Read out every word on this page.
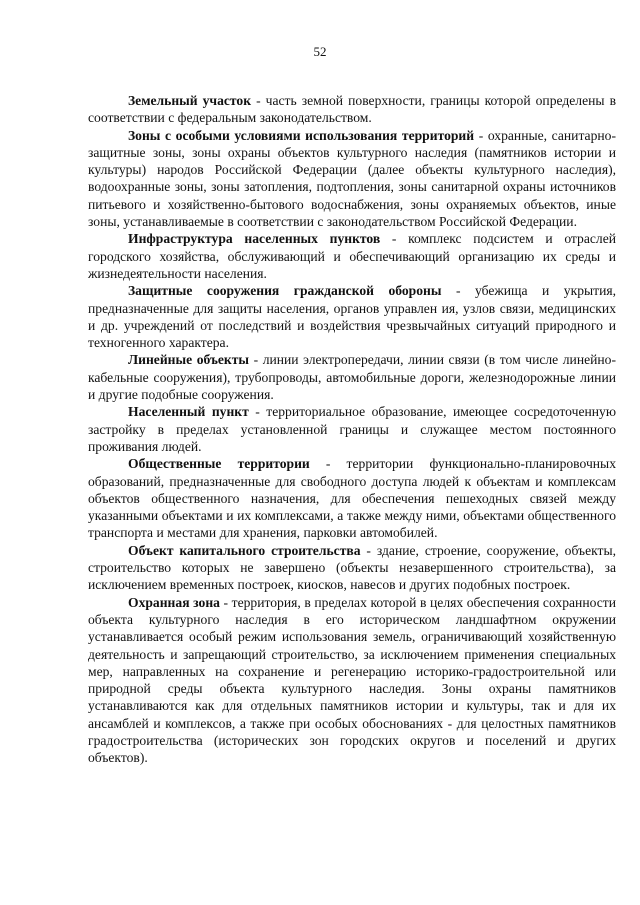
52

Земельный участок - часть земной поверхности, границы которой определены в соответствии с федеральным законодательством.

Зоны с особыми условиями использования территорий - охранные, санитарно-защитные зоны, зоны охраны объектов культурного наследия (памятников истории и культуры) народов Российской Федерации (далее объекты культурного наследия), водоохранные зоны, зоны затопления, подтопления, зоны санитарной охраны источников питьевого и хозяйственно-бытового водоснабжения, зоны охраняемых объектов, иные зоны, устанавливаемые в соответствии с законодательством Российской Федерации.

Инфраструктура населенных пунктов - комплекс подсистем и отраслей городского хозяйства, обслуживающий и обеспечивающий организацию их среды и жизнедеятельности населения.

Защитные сооружения гражданской обороны - убежища и укрытия, предназначенные для защиты населения, органов управлен ия, узлов связи, медицинских и др. учреждений от последствий и воздействия чрезвычайных ситуаций природного и техногенного характера.

Линейные объекты - линии электропередачи, линии связи (в том числе линейно-кабельные сооружения), трубопроводы, автомобильные дороги, железнодорожные линии и другие подобные сооружения.

Населенный пункт - территориальное образование, имеющее сосредоточенную застройку в пределах установленной границы и служащее местом постоянного проживания людей.

Общественные территории - территории функционально-планировочных образований, предназначенные для свободного доступа людей к объектам и комплексам объектов общественного назначения, для обеспечения пешеходных связей между указанными объектами и их комплексами, а также между ними, объектами общественного транспорта и местами для хранения, парковки автомобилей.

Объект капитального строительства - здание, строение, сооружение, объекты, строительство которых не завершено (объекты незавершенного строительства), за исключением временных построек, киосков, навесов и других подобных построек.

Охранная зона - территория, в пределах которой в целях обеспечения сохранности объекта культурного наследия в его историческом ландшафтном окружении устанавливается особый режим использования земель, ограничивающий хозяйственную деятельность и запрещающий строительство, за исключением применения специальных мер, направленных на сохранение и регенерацию историко-градостроительной или природной среды объекта культурного наследия. Зоны охраны памятников устанавливаются как для отдельных памятников истории и культуры, так и для их ансамблей и комплексов, а также при особых обоснованиях - для целостных памятников градостроительства (исторических зон городских округов и поселений и других объектов).
